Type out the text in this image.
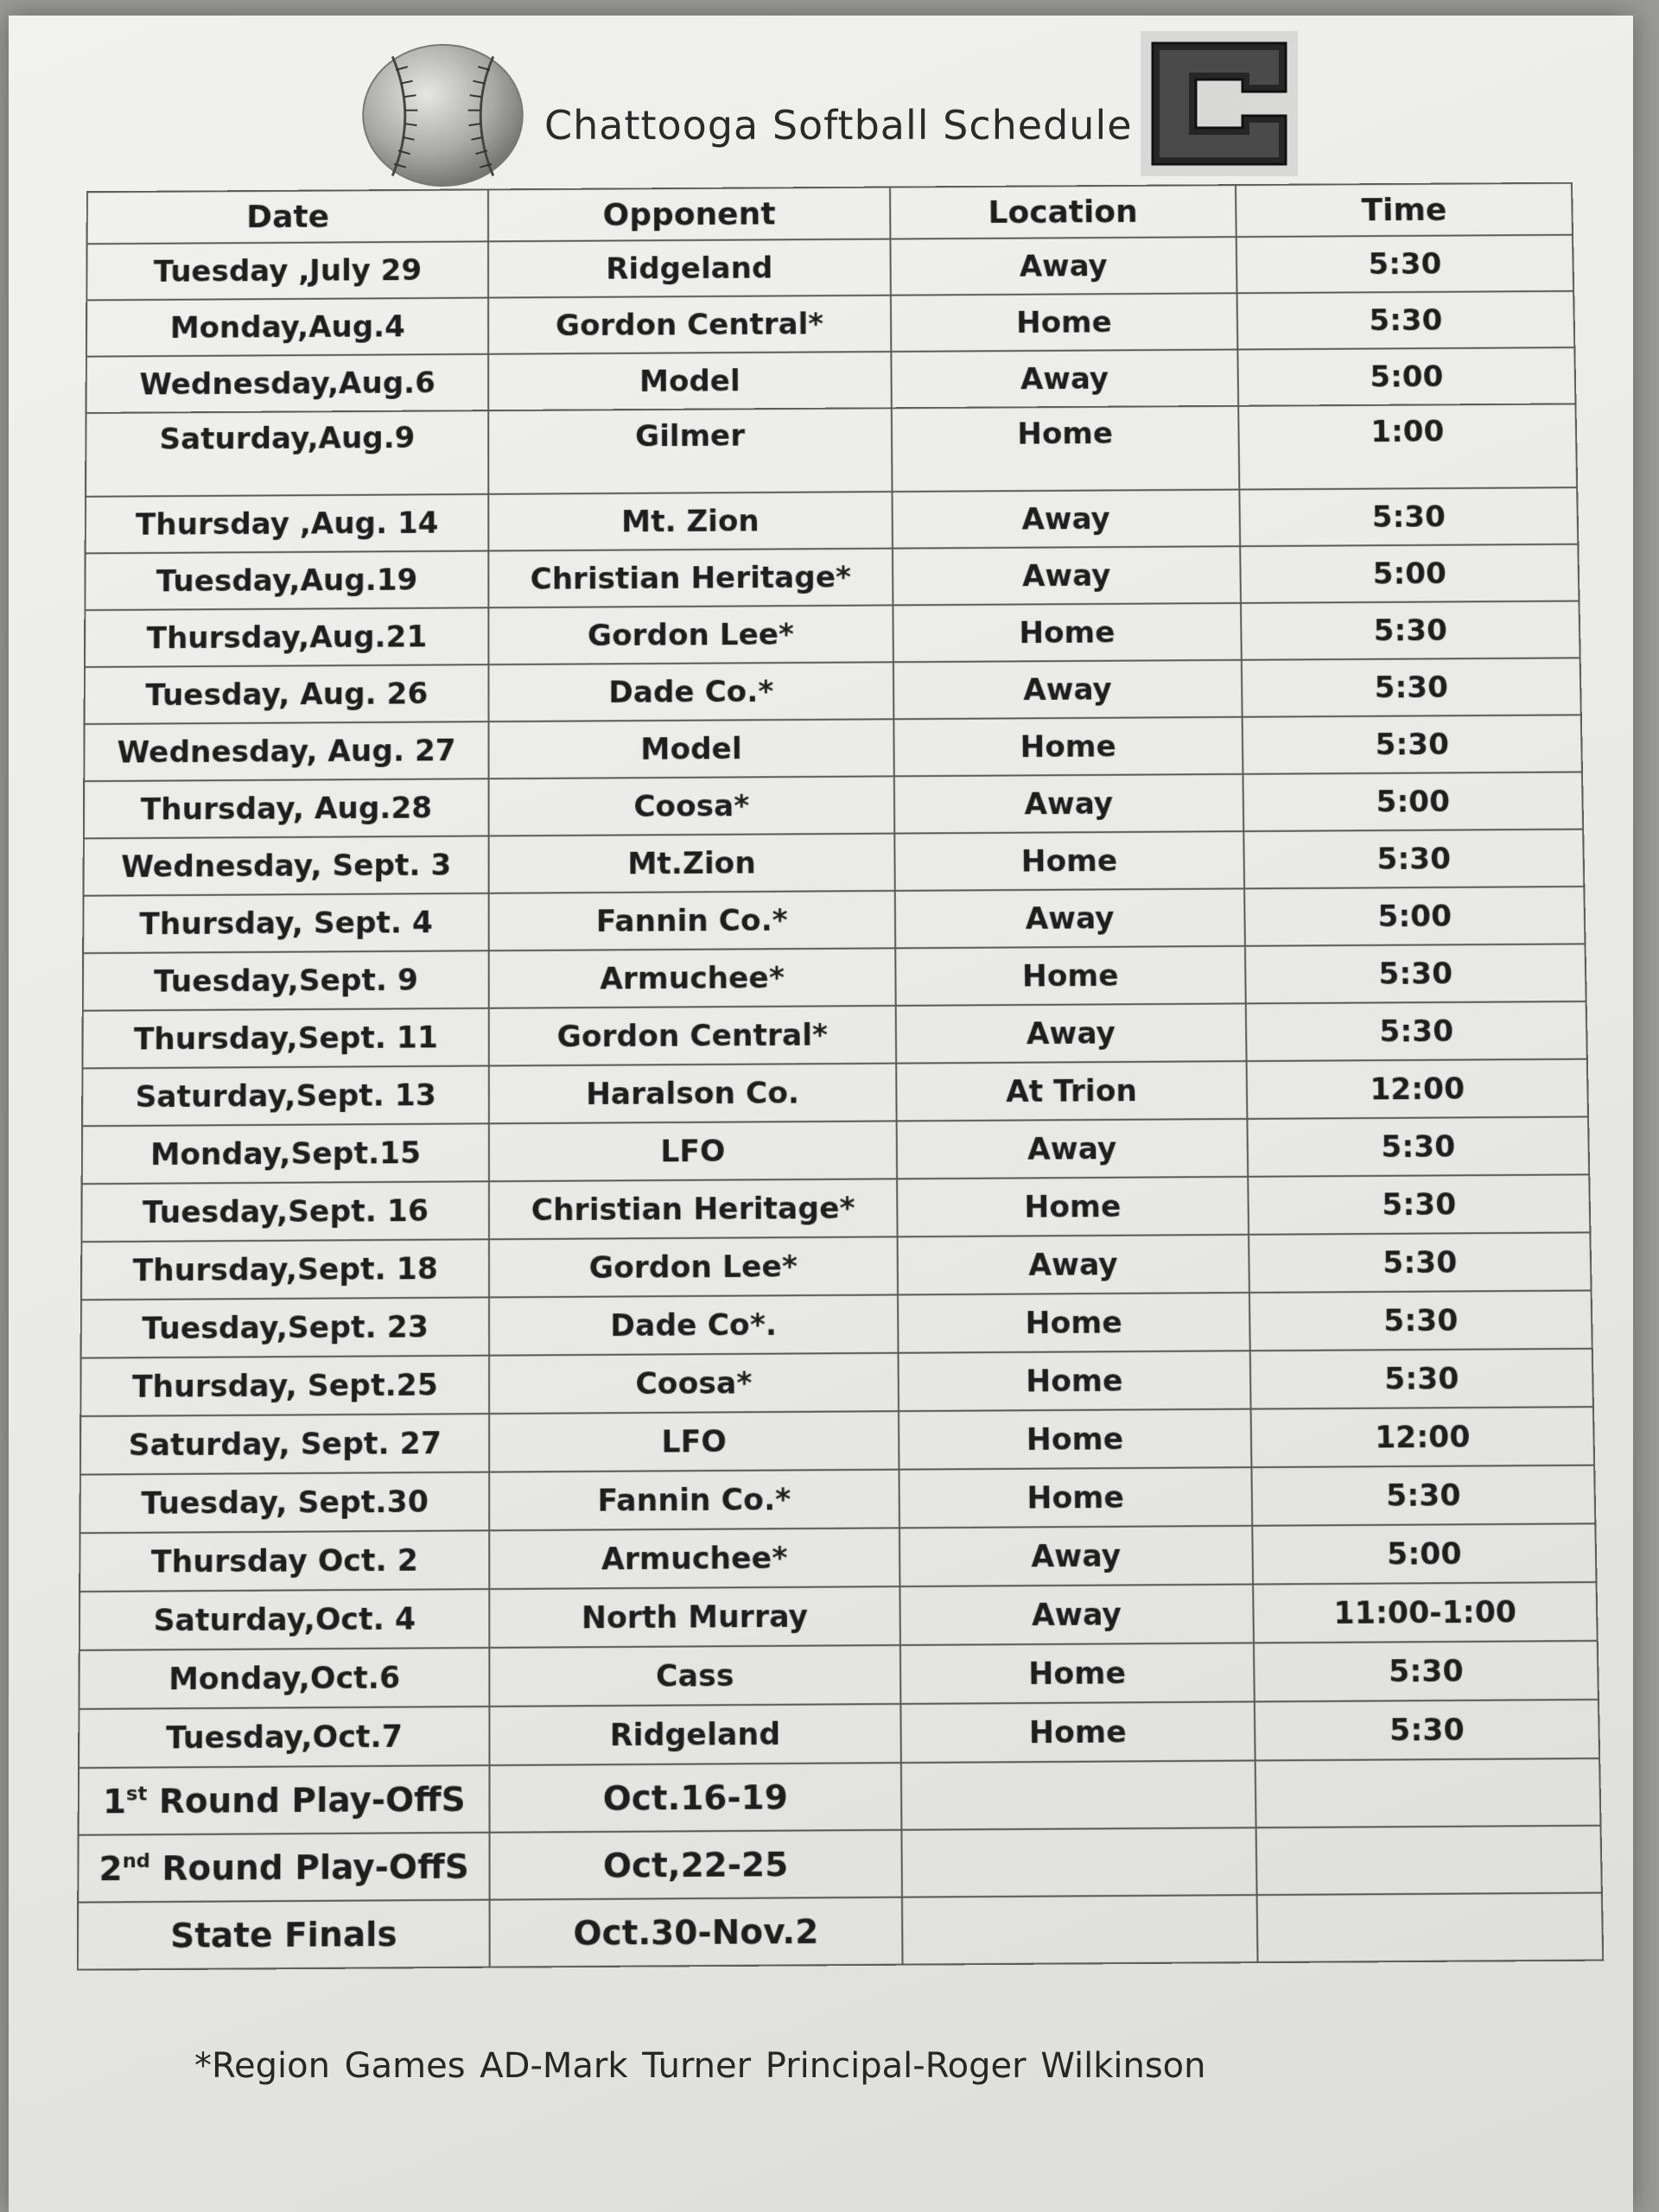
Chattooga Softball Schedule
Date	Opponent	Location	Time
Tuesday ,July 29	Ridgeland	Away	5:30
Monday,Aug.4	Gordon Central*	Home	5:30
Wednesday,Aug.6	Model	Away	5:00
Saturday,Aug.9	Gilmer	Home	1:00
Thursday ,Aug. 14	Mt. Zion	Away	5:30
Tuesday,Aug.19	Christian Heritage*	Away	5:00
Thursday,Aug.21	Gordon Lee*	Home	5:30
Tuesday, Aug. 26	Dade Co.*	Away	5:30
Wednesday, Aug. 27	Model	Home	5:30
Thursday, Aug.28	Coosa*	Away	5:00
Wednesday, Sept. 3	Mt.Zion	Home	5:30
Thursday, Sept. 4	Fannin Co.*	Away	5:00
Tuesday,Sept. 9	Armuchee*	Home	5:30
Thursday,Sept. 11	Gordon Central*	Away	5:30
Saturday,Sept. 13	Haralson Co.	At Trion	12:00
Monday,Sept.15	LFO	Away	5:30
Tuesday,Sept. 16	Christian Heritage*	Home	5:30
Thursday,Sept. 18	Gordon Lee*	Away	5:30
Tuesday,Sept. 23	Dade Co*.	Home	5:30
Thursday, Sept.25	Coosa*	Home	5:30
Saturday, Sept. 27	LFO	Home	12:00
Tuesday, Sept.30	Fannin Co.*	Home	5:30
Thursday Oct. 2	Armuchee*	Away	5:00
Saturday,Oct. 4	North Murray	Away	11:00-1:00
Monday,Oct.6	Cass	Home	5:30
Tuesday,Oct.7	Ridgeland	Home	5:30
1st Round Play-OffS	Oct.16-19		
2nd Round Play-OffS	Oct,22-25		
State Finals	Oct.30-Nov.2		
*Region Games AD-Mark Turner Principal-Roger Wilkinson
